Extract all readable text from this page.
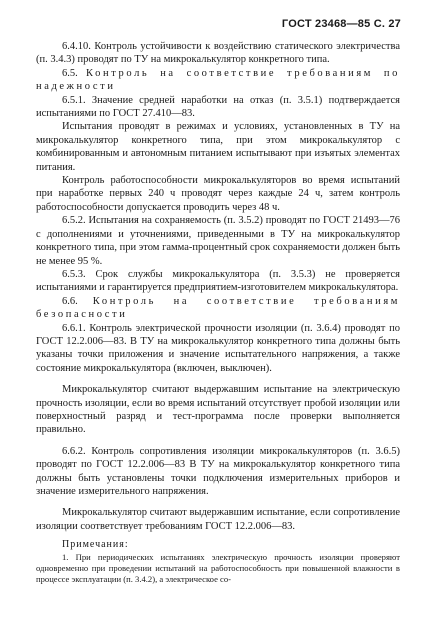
ГОСТ 23468—85 С. 27

6.4.10. Контроль устойчивости к воздействию статического электричества (п. 3.4.3) проводят по ТУ на микрокалькулятор конкретного типа.

6.5. Контроль на соответствие требованиям по надежности

6.5.1. Значение средней наработки на отказ (п. 3.5.1) подтверждается испытаниями по ГОСТ 27.410—83.

Испытания проводят в режимах и условиях, установленных в ТУ на микрокалькулятор конкретного типа, при этом микрокалькулятор с комбинированным и автономным питанием испытывают при изъятых элементах питания.

Контроль работоспособности микрокалькуляторов во время испытаний при наработке первых 240 ч проводят через каждые 24 ч, затем контроль работоспособности допускается проводить через 48 ч.

6.5.2. Испытания на сохраняемость (п. 3.5.2) проводят по ГОСТ 21493—76 с дополнениями и уточнениями, приведенными в ТУ на микрокалькулятор конкретного типа, при этом гамма-процентный срок сохраняемости должен быть не менее 95 %.

6.5.3. Срок службы микрокалькулятора (п. 3.5.3) не проверяется испытаниями и гарантируется предприятием-изготовителем микрокалькулятора.

6.6. Контроль на соответствие требованиям безопасности

6.6.1. Контроль электрической прочности изоляции (п. 3.6.4) проводят по ГОСТ 12.2.006—83. В ТУ на микрокалькулятор конкретного типа должны быть указаны точки приложения и значение испытательного напряжения, а также состояние микрокалькулятора (включен, выключен).

Микрокалькулятор считают выдержавшим испытание на электрическую прочность изоляции, если во время испытаний отсутствует пробой изоляции или поверхностный разряд и тест-программа после проверки выполняется правильно.

6.6.2. Контроль сопротивления изоляции микрокалькуляторов (п. 3.6.5) проводят по ГОСТ 12.2.006—83 В ТУ на микрокалькулятор конкретного типа должны быть установлены точки подключения измерительных приборов и значение измерительного напряжения.

Микрокалькулятор считают выдержавшим испытание, если сопротивление изоляции соответствует требованиям ГОСТ 12.2.006—83.

Примечания:

1. При периодических испытаниях электрическую прочность изоляции проверяют одновременно при проведении испытаний на работоспособность при повышенной влажности в процессе эксплуатации (п. 3.4.2), а электрическое со-
